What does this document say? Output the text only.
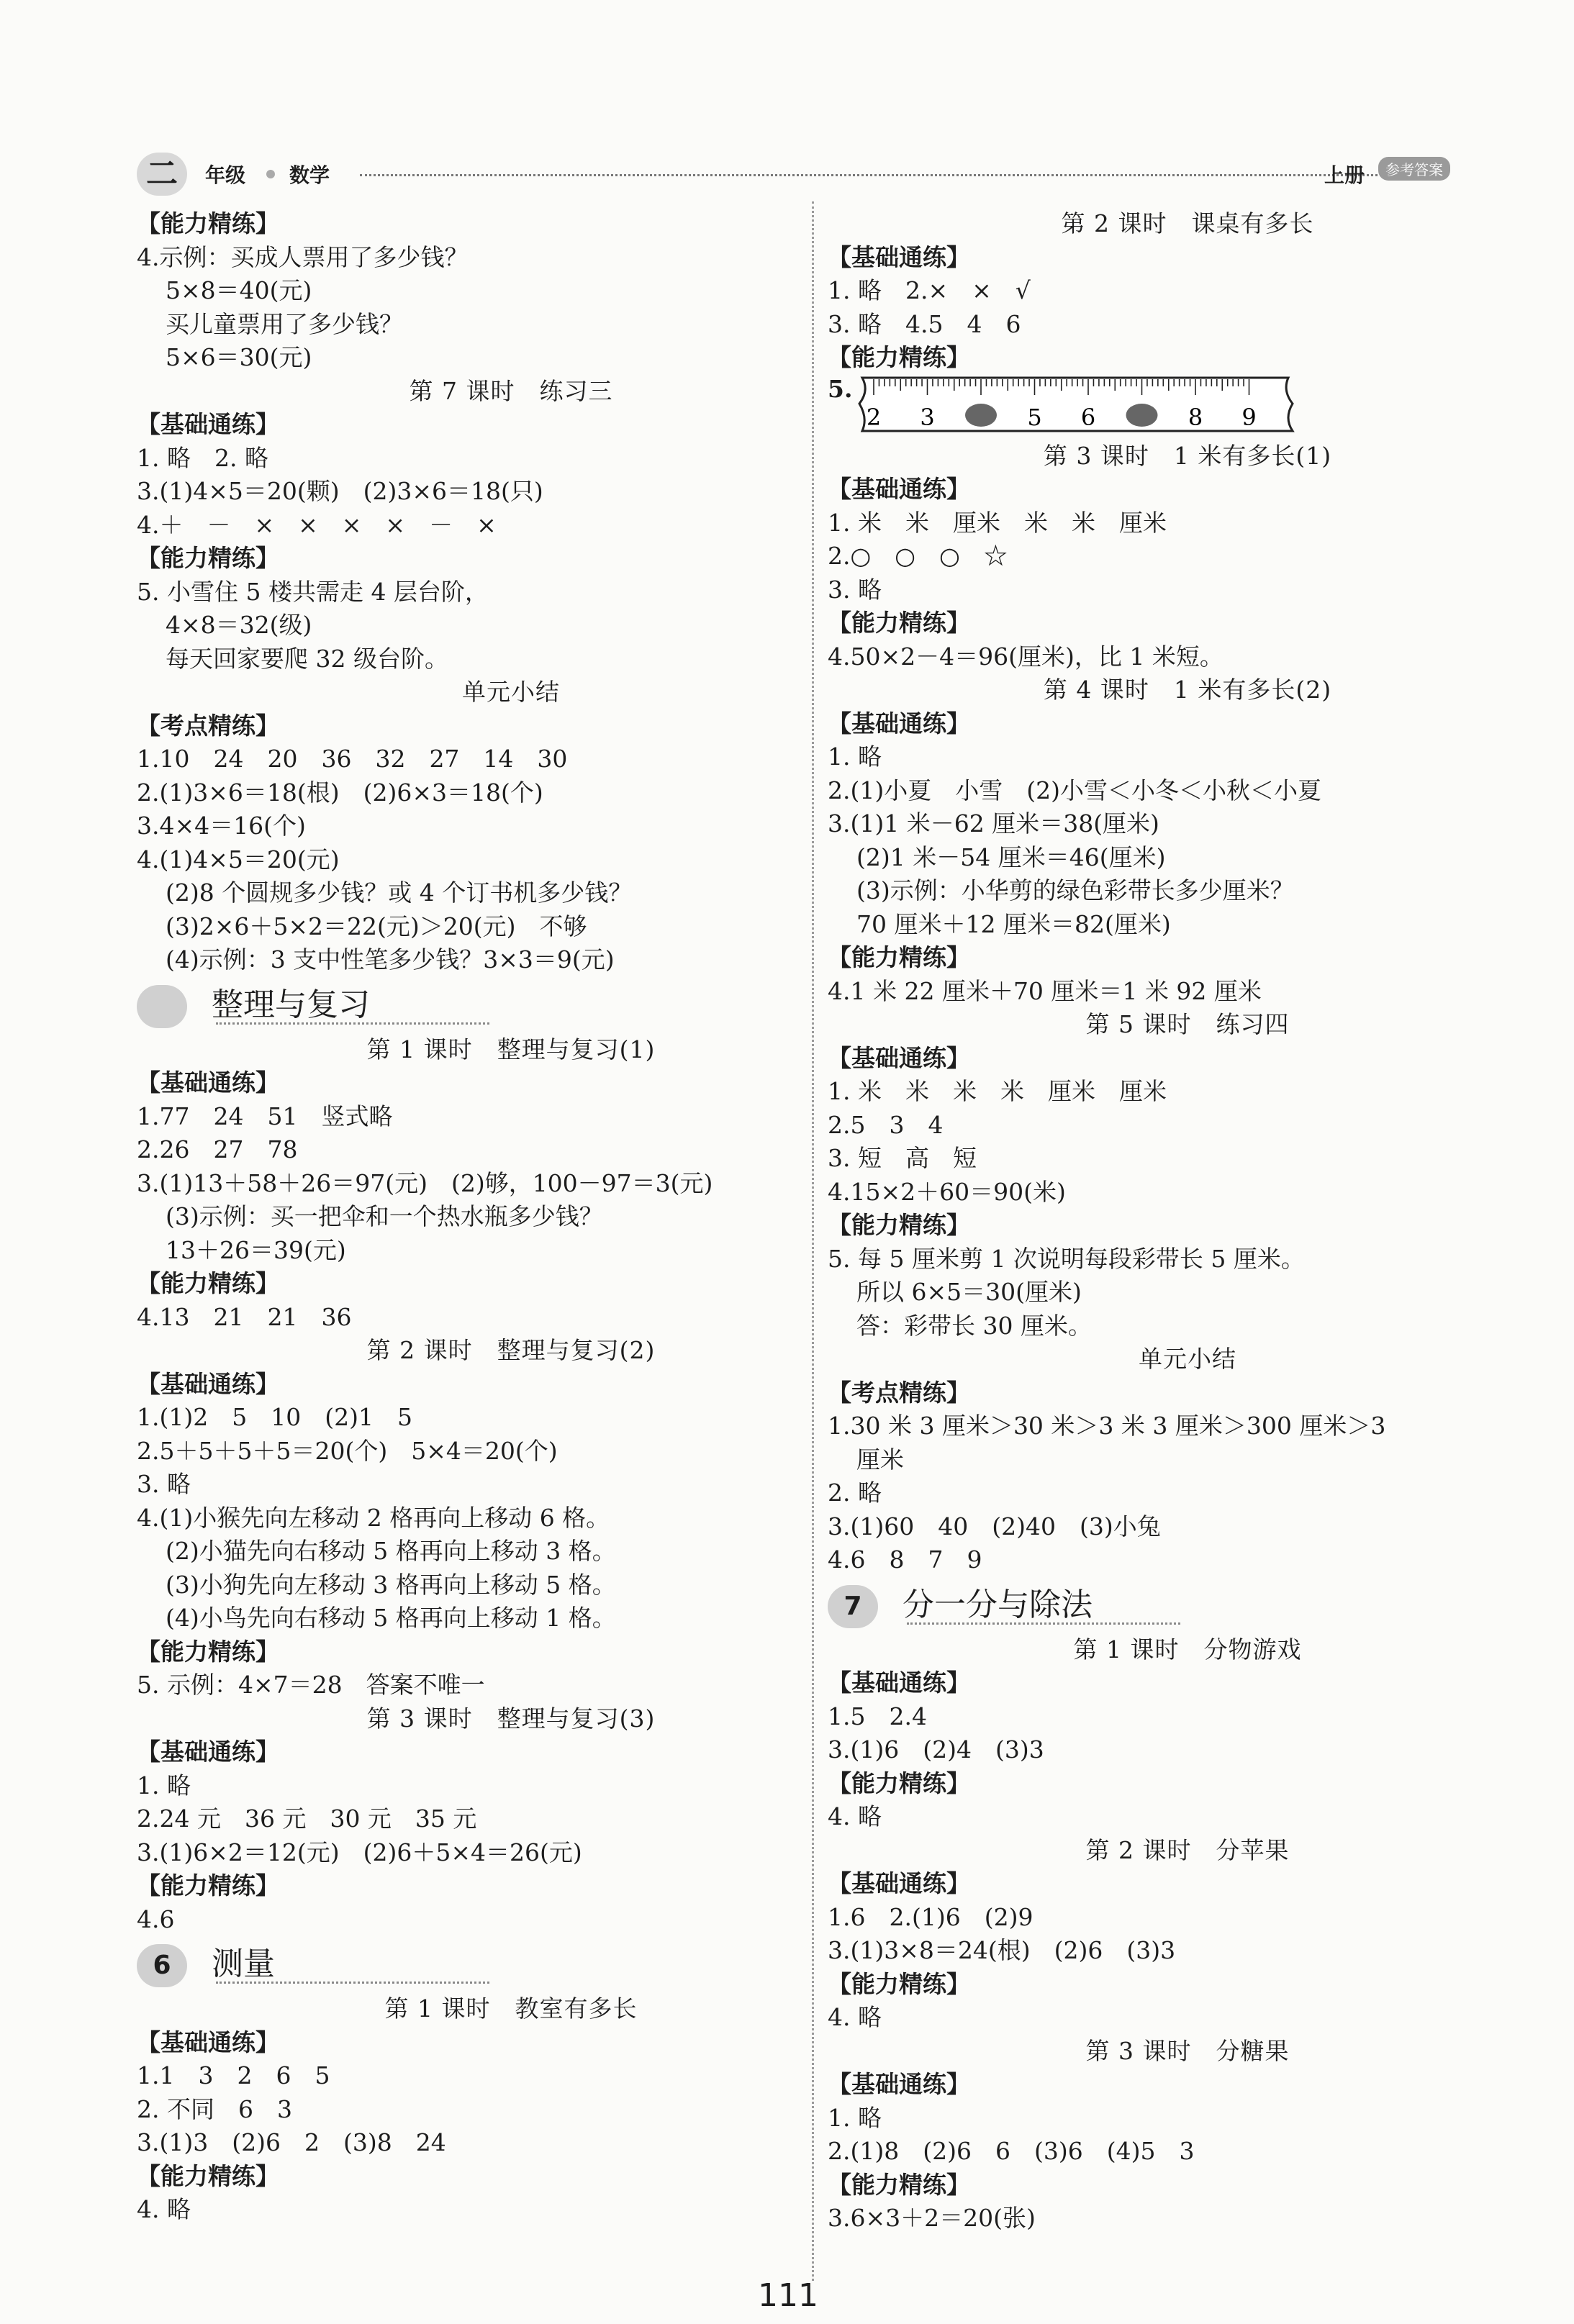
二	年级 数学	上册 参考答案
【能力精练】
4.示例：买成人票用了多少钱？
5×8＝40(元)
买儿童票用了多少钱？
5×6＝30(元)
第 7 课时　练习三
【基础通练】
1. 略　2. 略
3.(1)4×5＝20(颗)　(2)3×6＝18(只)
4.＋　－　×　×　×　×　－　×
【能力精练】
5. 小雪住 5 楼共需走 4 层台阶，
4×8＝32(级)
每天回家要爬 32 级台阶。
单元小结
【考点精练】
1.10　24　20　36　32　27　14　30
2.(1)3×6＝18(根)　(2)6×3＝18(个)
3.4×4＝16(个)
4.(1)4×5＝20(元)
(2)8 个圆规多少钱？或 4 个订书机多少钱？
(3)2×6＋5×2＝22(元)＞20(元)　不够
(4)示例：3 支中性笔多少钱？3×3＝9(元)
整理与复习
第 1 课时　整理与复习(1)
【基础通练】
1.77　24　51　竖式略
2.26　27　78
3.(1)13＋58＋26＝97(元)　(2)够，100－97＝3(元)
(3)示例：买一把伞和一个热水瓶多少钱？
13＋26＝39(元)
【能力精练】
4.13　21　21　36
第 2 课时　整理与复习(2)
【基础通练】
1.(1)2　5　10　(2)1　5
2.5＋5＋5＋5＝20(个)　5×4＝20(个)
3. 略
4.(1)小猴先向左移动 2 格再向上移动 6 格。
(2)小猫先向右移动 5 格再向上移动 3 格。
(3)小狗先向左移动 3 格再向上移动 5 格。
(4)小鸟先向右移动 5 格再向上移动 1 格。
【能力精练】
5. 示例：4×7＝28　答案不唯一
第 3 课时　整理与复习(3)
【基础通练】
1. 略
2.24 元　36 元　30 元　35 元
3.(1)6×2＝12(元)　(2)6＋5×4＝26(元)
【能力精练】
4.6
6 测量
第 1 课时　教室有多长
【基础通练】
1.1　3　2　6　5
2. 不同　6　3
3.(1)3　(2)6　2　(3)8　24
【能力精练】
4. 略
第 2 课时　课桌有多长
【基础通练】
1. 略　2.×　×　√
3. 略　4.5　4　6
【能力精练】
5.
2 3	5 6	8 9
第 3 课时　1 米有多长(1)
【基础通练】
1. 米　米　厘米　米　米　厘米
2.○　○　○　☆
3. 略
【能力精练】
4.50×2－4＝96(厘米)，比 1 米短。
第 4 课时　1 米有多长(2)
【基础通练】
1. 略
2.(1)小夏　小雪　(2)小雪＜小冬＜小秋＜小夏
3.(1)1 米－62 厘米＝38(厘米)
(2)1 米－54 厘米＝46(厘米)
(3)示例：小华剪的绿色彩带长多少厘米？
70 厘米＋12 厘米＝82(厘米)
【能力精练】
4.1 米 22 厘米＋70 厘米＝1 米 92 厘米
第 5 课时　练习四
【基础通练】
1. 米　米　米　米　厘米　厘米
2.5　3　4
3. 短　高　短
4.15×2＋60＝90(米)
【能力精练】
5. 每 5 厘米剪 1 次说明每段彩带长 5 厘米。
所以 6×5＝30(厘米)
答：彩带长 30 厘米。
单元小结
【考点精练】
1.30 米 3 厘米＞30 米＞3 米 3 厘米＞300 厘米＞3
厘米
2. 略
3.(1)60　40　(2)40　(3)小兔
4.6　8　7　9
7 分一分与除法
第 1 课时　分物游戏
【基础通练】
1.5　2.4
3.(1)6　(2)4　(3)3
【能力精练】
4. 略
第 2 课时　分苹果
【基础通练】
1.6　2.(1)6　(2)9
3.(1)3×8＝24(根)　(2)6　(3)3
【能力精练】
4. 略
第 3 课时　分糖果
【基础通练】
1. 略
2.(1)8　(2)6　6　(3)6　(4)5　3
【能力精练】
3.6×3＋2＝20(张)
111
